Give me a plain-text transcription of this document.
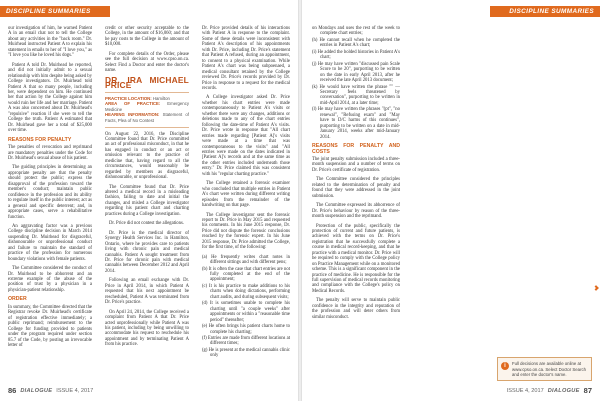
DISCIPLINE SUMMARIES

our investigation of him, he warned Patient A in an email chat not to tell the College about any activities in the "back room." Dr. Muirhead instructed Patient A to explain his statement in emails to her of "I love you," as "I love you like he loved his dogs."

Patient A told Dr. Muirhead he reported, and did not initially admit to a sexual relationship with him despite being asked by College investigators. Dr. Muirhead told Patient A that so many people, including her, were dependent on him. He continued her that action by the College against him would ruin her life and her marriage. Patient A was also concerned about Dr. Muirhead's "repulsive" reaction if she were to tell the College the truth. Patient A estimated that Dr. Muirhead gave her a total of $25,000 over time.

REASONS FOR PENALTY

The penalties of revocation and reprimand are mandatory penalties under the Code for Dr. Muirhead's sexual abuse of his patient.

The guiding principles in determining an appropriate penalty are that the penalty should protect the public; express the disapproval of the profession toward the member's conduct; maintain public confidence in the profession and its ability to regulate itself in the public interest; act as a general and specific deterrent; and, in appropriate cases, serve a rehabilitative function.

An aggravating factor was a previous College discipline decision in March 2014 suspending Dr. Muirhead for disgraceful, dishonourable or unprofessional conduct and failure to maintain the standard of practice of the profession for numerous boundary violations with female patients.

The Committee considered the conduct of Dr. Muirhead to be abhorrent and an extreme example of the abuse of the position of trust by a physician in a physician-patient relationship.

ORDER

In summary, the Committee directed that the Registrar revoke Dr. Muirhead's certificate of registration effective immediately; a public reprimand; reimbursement to the College for funding provided to patients under the program required under section 85.7 of the Code, by posting an irrevocable letter of

credit or other security acceptable to the College, in the amount of $16,060; and that he pay costs to the College in the amount of $10,000.

For complete details of the Order, please see the full decision at www.cpso.on.ca. Select Find a Doctor and enter the doctor's name.

DR. IRA MICHAEL PRICE
PRACTICE LOCATION: Hamilton
AREA OF PRACTICE: Emergency Medicine
HEARING INFORMATION: Statement of Facts, Plea of No Contest

On August 22, 2016, the Discipline Committee found that Dr. Price committed an act of professional misconduct, in that he has engaged in conduct or an act or omission relevant to the practice of medicine that, having regard to all the circumstances, would reasonably be regarded by members as disgraceful, dishonourable, or unprofessional.

The Committee found that Dr. Price altered a medical record in a misleading fashion, failing to date and initial the changes, and misled a College investigator regarding his patient chart and charting practices during a College investigation.

Dr. Price did not contest the allegations.

Dr. Price is the medical director of Synergy Health Services Inc. in Hamilton, Ontario, where he provides care to patients living with chronic pain and medical cannabis. Patient A sought treatment from Dr. Price for chronic pain with medical cannabis between December 2012 and April 2014.

Following an email exchange with Dr. Price in April 2014, in which Patient A requested that his next appointment be rescheduled, Patient A was terminated from Dr. Price's practice.

On April 24, 2014, the College received a complaint from Patient A that Dr. Price acted unprofessionally while Patient A was his patient, including by being unwilling to accommodate his request to reschedule his appointment and by terminating Patient A from his practice.

Dr. Price provided details of his interactions with Patient A in response to the complaint. Some of these details were inconsistent with Patient A's description of his appointments with Dr. Price, including Dr. Price's statement that Patient A refused, during an appointment, to consent to a physical examination. While Patient A's chart was being subpoenaed, a medical consultant retained by the College reviewed Dr. Price's records provided by Dr. Price in response to a request for the medical records.

A College investigator asked Dr. Price whether his chart entries were made contemporaneously to Patient A's visits or whether there were any changes, additions or deletions made to any of the chart entries following the date-time of Patient A's visits. Dr. Price wrote in response that "All chart entries made regarding [Patient A]'s visits were made at a time that was contemporaneous to the visits" and "All entries were made on the dates indicated in [Patient A]'s records and at the same time as the other entries included underneath those entry." Dr. Price claimed this was consistent with his "regular charting practice."

The College retained a forensic examiner who concluded that multiple entries in Patient A's chart were written during different writing episodes from the remainder of the handwriting on that page.

The College investigator sent the forensic report to Dr. Price in May 2015 and requested his comments. In his June 2015 response, Dr. Price did not dispute the forensic conclusions reached by the forensic expert. In his June 2015 response, Dr. Price admitted the College, for the first time, of the following:

(a) He frequently writes chart notes in different sittings and with different pens;
(b) It is often the case that chart entries are not fully completed at the end of the appointment;
(c) It is his practice to make additions to his charts when doing dictations, performing chart audits, and during subsequent visits;
(d) It is sometimes unable to complete his charting until "a couple weeks" after appointments or within a "reasonable time period" thereafter;
(e) He often brings his patient charts home to complete his charting;
(f) Entries are made from different locations at different times;
(g) He is present at the medical cannabis clinic only
86 DIALOGUE ISSUE 4, 2017
DISCIPLINE SUMMARIES
on Mondays and uses the rest of the week to complete chart entries;
(h) He cannot recall when he completed the entries in Patient A's chart;
(i) He added the bolded histories in Patient A's chart;
(j) He may have written "discussed pain Scale Score to be 20", purporting to be written on the date in early April 2013, after he received the late April 2013 document;
(k) He would have written the phrase "" — Secretary feels threatened by conversation", purporting to be written in mid-April 2014, at a later time;
(l) He may have written the phrases "(pt", "no renewal", "Refusing exam" and "May have to D/C harms of this continues", purporting to be written on a date in mid-January 2014, weeks after mid-January 2014.
REASONS FOR PENALTY AND COSTS

The joint penalty submission included a three-month suspension and a number of terms on Dr. Price's certificate of registration.

The Committee considered the principles related to the determination of penalty and found that they were addressed in the joint submission.

The Committee expressed its abhorrence of Dr. Price's behaviour by reason of the three-month suspension and the reprimand.

Protection of the public, specifically the protection of current and future patients, is achieved with the terms on Dr. Price's registration that he successfully complete a course in medical record-keeping, and that he practice with a medical monitor. Dr. Price will be required to comply with the College policy on Practice Management while on a monitored scheme. This is a significant component in the practice of medicine. He is responsible for the full supervision of medical records monitoring and compliance with the College's policy on Medical Records.

The penalty will serve to maintain public confidence in the integrity and reputation of the profession and will deter others from similar misconduct.

i	Full decisions are available online at www.cpso.on.ca. Select Doctor Search and enter the doctor's name.
ISSUE 4, 2017 DIALOGUE 87
